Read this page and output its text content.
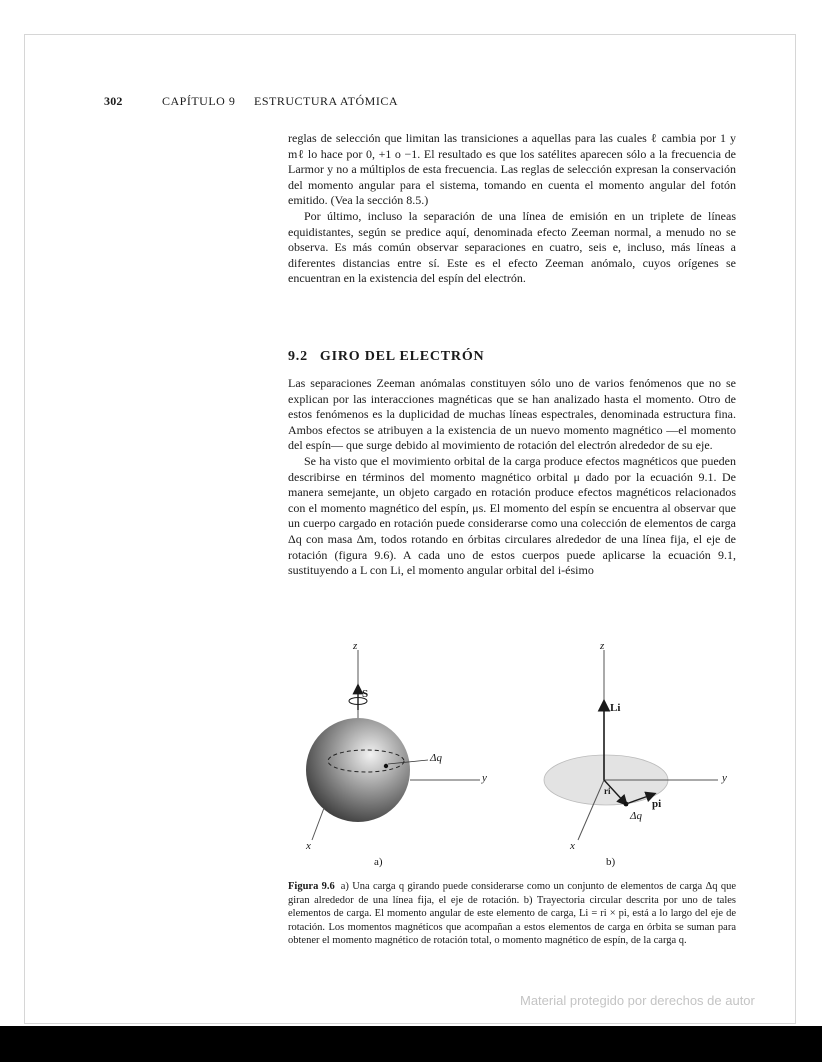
302	CAPÍTULO 9 ESTRUCTURA ATÓMICA

reglas de selección que limitan las transiciones a aquellas para las cuales ℓ cambia por 1 y mℓ lo hace por 0, +1 o −1. El resultado es que los satélites aparecen sólo a la frecuencia de Larmor y no a múltiplos de esta frecuencia. Las reglas de selección expresan la conservación del momento angular para el sistema, tomando en cuenta el momento angular del fotón emitido. (Vea la sección 8.5.)

Por último, incluso la separación de una línea de emisión en un triplete de líneas equidistantes, según se predice aquí, denominada efecto Zeeman normal, a menudo no se observa. Es más común observar separaciones en cuatro, seis e, incluso, más líneas a diferentes distancias entre sí. Este es el efecto Zeeman anómalo, cuyos orígenes se encuentran en la existencia del espín del electrón.

9.2 GIRO DEL ELECTRÓN

Las separaciones Zeeman anómalas constituyen sólo uno de varios fenómenos que no se explican por las interacciones magnéticas que se han analizado hasta el momento. Otro de estos fenómenos es la duplicidad de muchas líneas espectrales, denominada estructura fina. Ambos efectos se atribuyen a la existencia de un nuevo momento magnético —el momento del espín— que surge debido al movimiento de rotación del electrón alrededor de su eje.

Se ha visto que el movimiento orbital de la carga produce efectos magnéticos que pueden describirse en términos del momento magnético orbital μ dado por la ecuación 9.1. De manera semejante, un objeto cargado en rotación produce efectos magnéticos relacionados con el momento magnético del espín, μs. El momento del espín se encuentra al observar que un cuerpo cargado en rotación puede considerarse como una colección de elementos de carga Δq con masa Δm, todos rotando en órbitas circulares alrededor de una línea fija, el eje de rotación (figura 9.6). A cada uno de estos cuerpos puede aplicarse la ecuación 9.1, sustituyendo a L con Li, el momento angular orbital del i-ésimo

z
S
Δq
y
x
a)
z
Li
y
ri
pi
Δq
x
b)
Figura 9.6 a) Una carga q girando puede considerarse como un conjunto de elementos de carga Δq que giran alrededor de una línea fija, el eje de rotación. b) Trayectoria circular descrita por uno de tales elementos de carga. El momento angular de este elemento de carga, Li = ri × pi, está a lo largo del eje de rotación. Los momentos magnéticos que acompañan a estos elementos de carga en órbita se suman para obtener el momento magnético de rotación total, o momento magnético de espín, de la carga q.
Material protegido por derechos de autor
